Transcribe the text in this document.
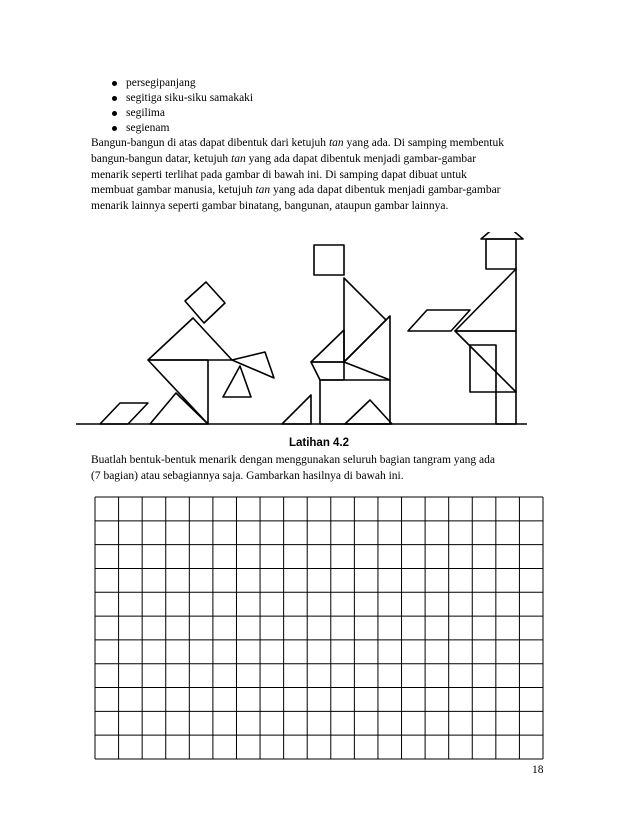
persegipanjang
segitiga siku-siku samakaki
segilima
segienam
Bangun-bangun di atas dapat dibentuk dari ketujuh tan yang ada. Di samping membentuk
bangun-bangun datar, ketujuh tan yang ada dapat dibentuk menjadi gambar-gambar
menarik seperti terlihat pada gambar di bawah ini. Di samping dapat dibuat untuk
membuat gambar manusia, ketujuh tan yang ada dapat dibentuk menjadi gambar-gambar
menarik lainnya seperti gambar binatang, bangunan, ataupun gambar lainnya.
Latihan 4.2
Buatlah bentuk-bentuk menarik dengan menggunakan seluruh bagian tangram yang ada
(7 bagian) atau sebagiannya saja. Gambarkan hasilnya di bawah ini.
18
